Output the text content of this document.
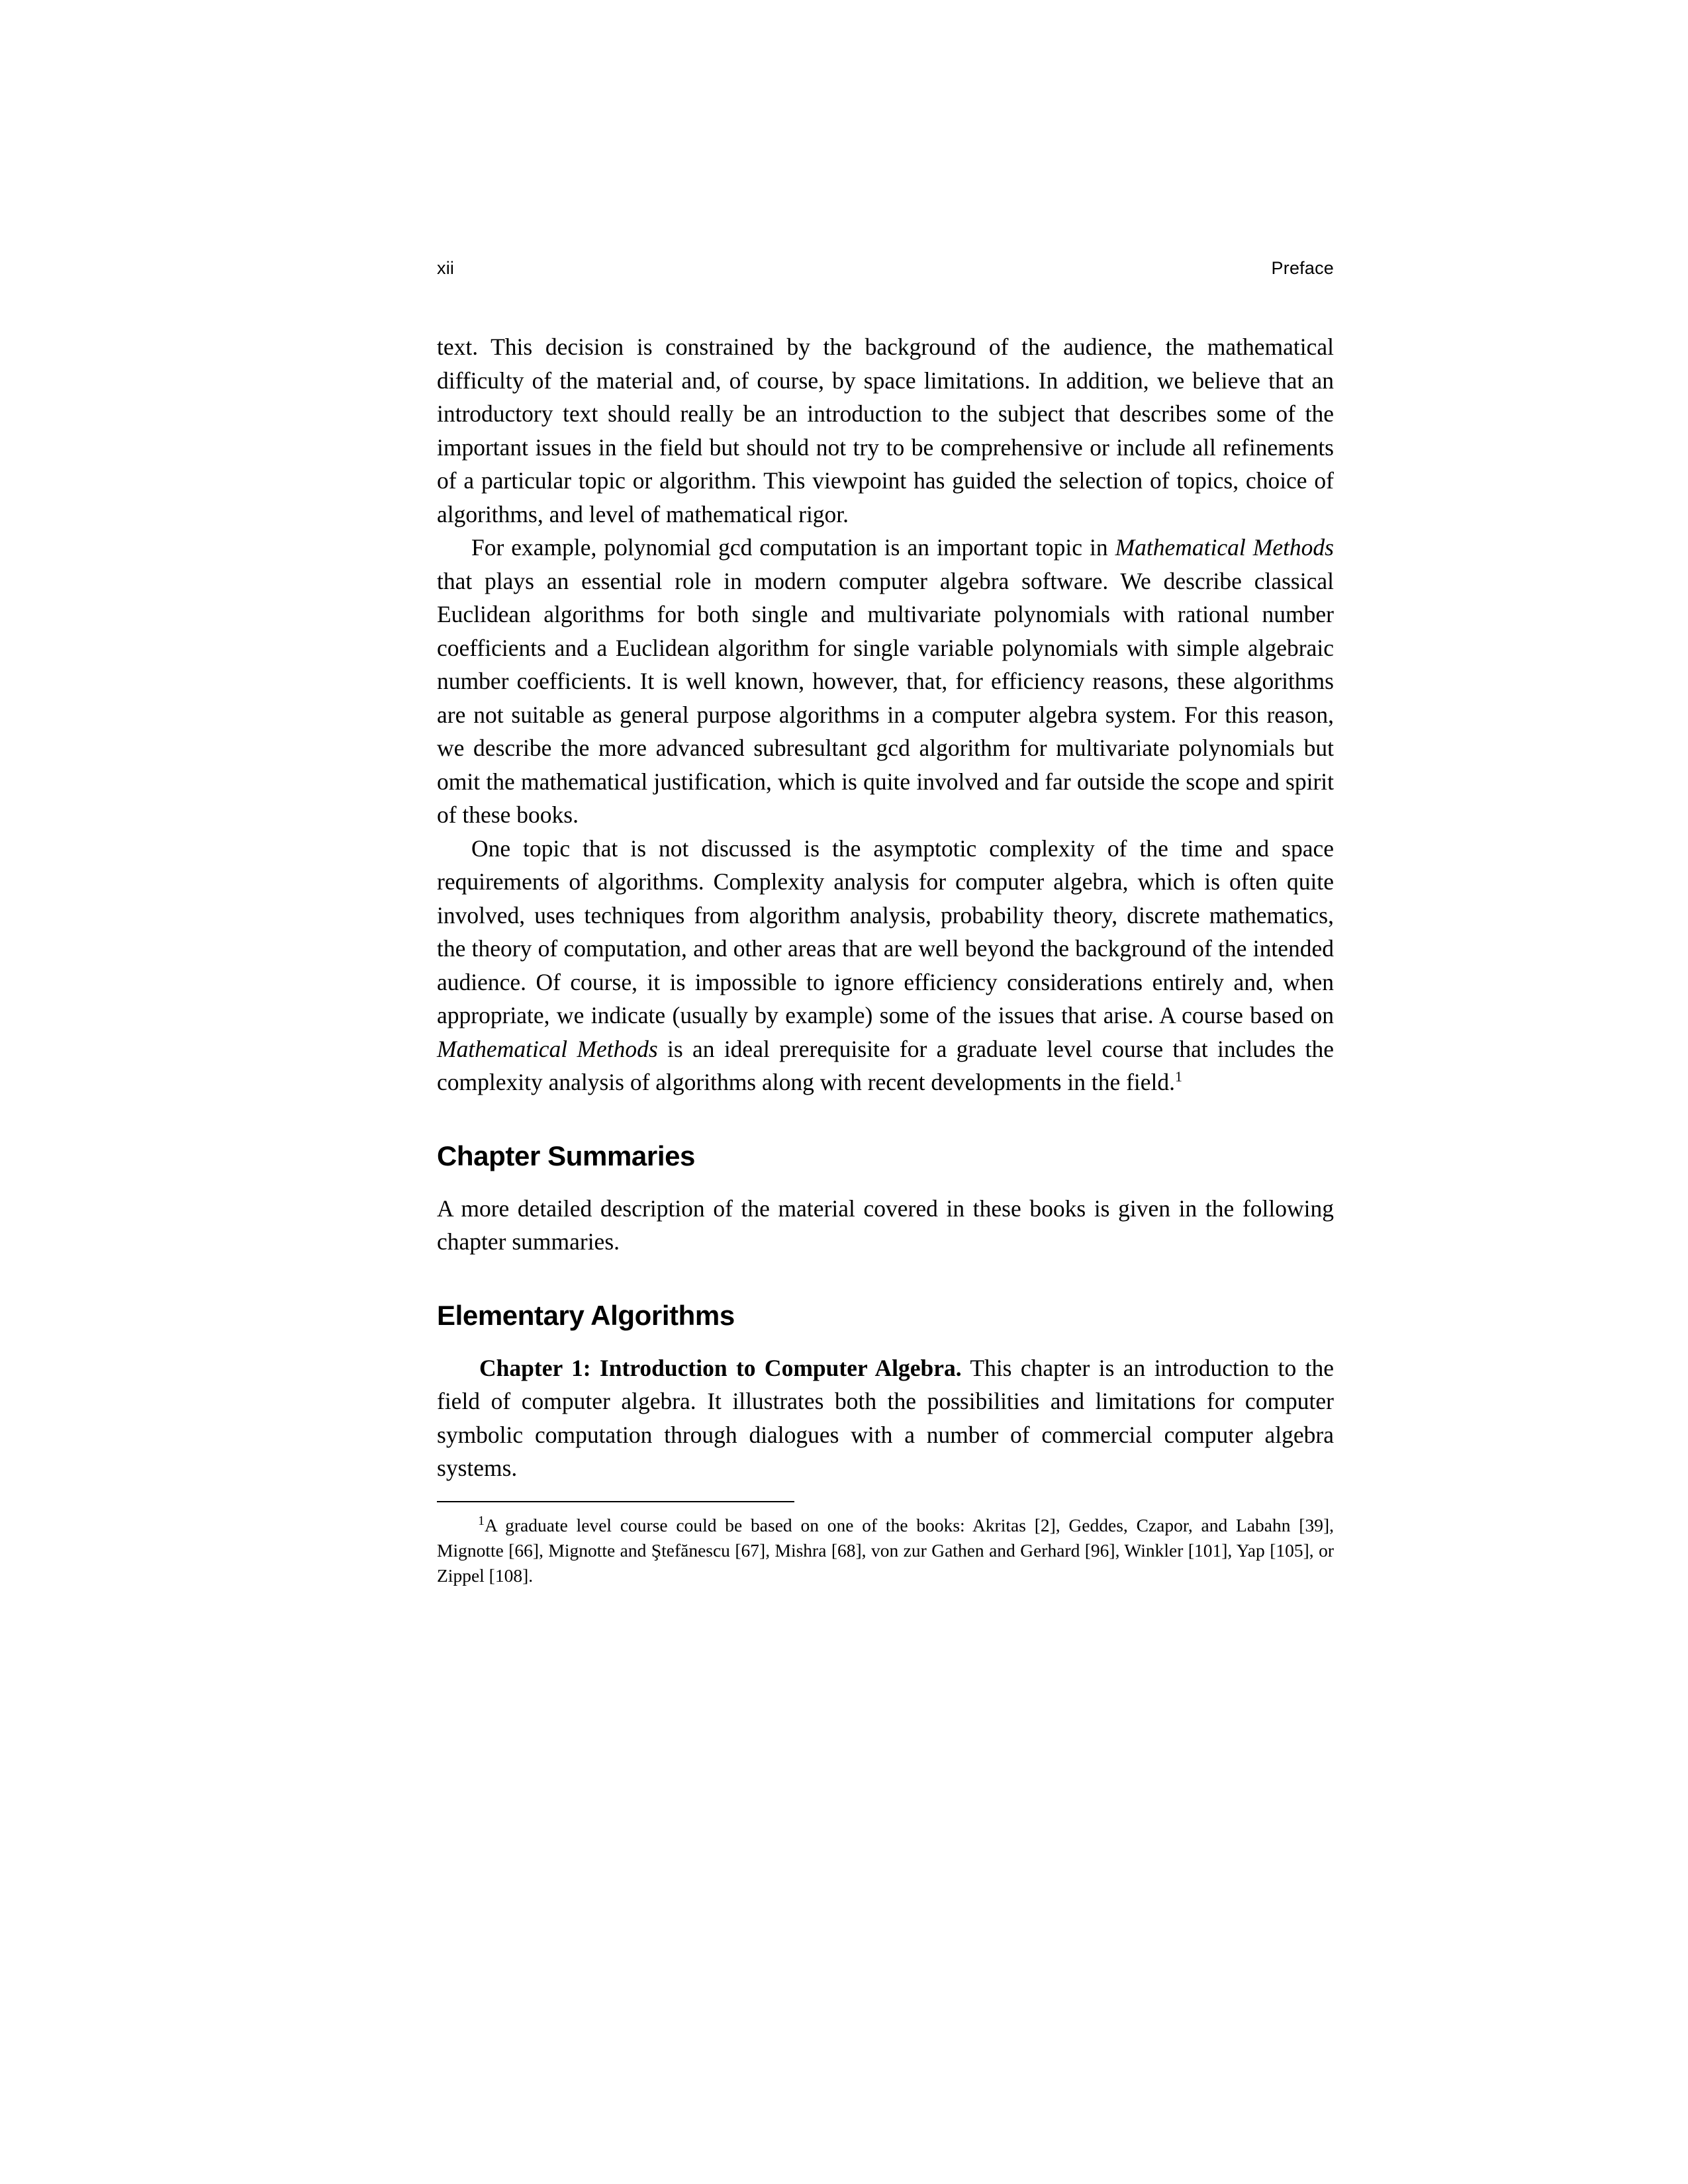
xii	Preface

text. This decision is constrained by the background of the audience, the mathematical difficulty of the material and, of course, by space limitations. In addition, we believe that an introductory text should really be an introduction to the subject that describes some of the important issues in the field but should not try to be comprehensive or include all refinements of a particular topic or algorithm. This viewpoint has guided the selection of topics, choice of algorithms, and level of mathematical rigor.

For example, polynomial gcd computation is an important topic in Mathematical Methods that plays an essential role in modern computer algebra software. We describe classical Euclidean algorithms for both single and multivariate polynomials with rational number coefficients and a Euclidean algorithm for single variable polynomials with simple algebraic number coefficients. It is well known, however, that, for efficiency reasons, these algorithms are not suitable as general purpose algorithms in a computer algebra system. For this reason, we describe the more advanced subresultant gcd algorithm for multivariate polynomials but omit the mathematical justification, which is quite involved and far outside the scope and spirit of these books.

One topic that is not discussed is the asymptotic complexity of the time and space requirements of algorithms. Complexity analysis for computer algebra, which is often quite involved, uses techniques from algorithm analysis, probability theory, discrete mathematics, the theory of computation, and other areas that are well beyond the background of the intended audience. Of course, it is impossible to ignore efficiency considerations entirely and, when appropriate, we indicate (usually by example) some of the issues that arise. A course based on Mathematical Methods is an ideal prerequisite for a graduate level course that includes the complexity analysis of algorithms along with recent developments in the field.$^1$

Chapter Summaries

A more detailed description of the material covered in these books is given in the following chapter summaries.

Elementary Algorithms

Chapter 1: Introduction to Computer Algebra. This chapter is an introduction to the field of computer algebra. It illustrates both the possibilities and limitations for computer symbolic computation through dialogues with a number of commercial computer algebra systems.

$^1$A graduate level course could be based on one of the books: Akritas [2], Geddes, Czapor, and Labahn [39], Mignotte [66], Mignotte and Ştefănescu [67], Mishra [68], von zur Gathen and Gerhard [96], Winkler [101], Yap [105], or Zippel [108].
